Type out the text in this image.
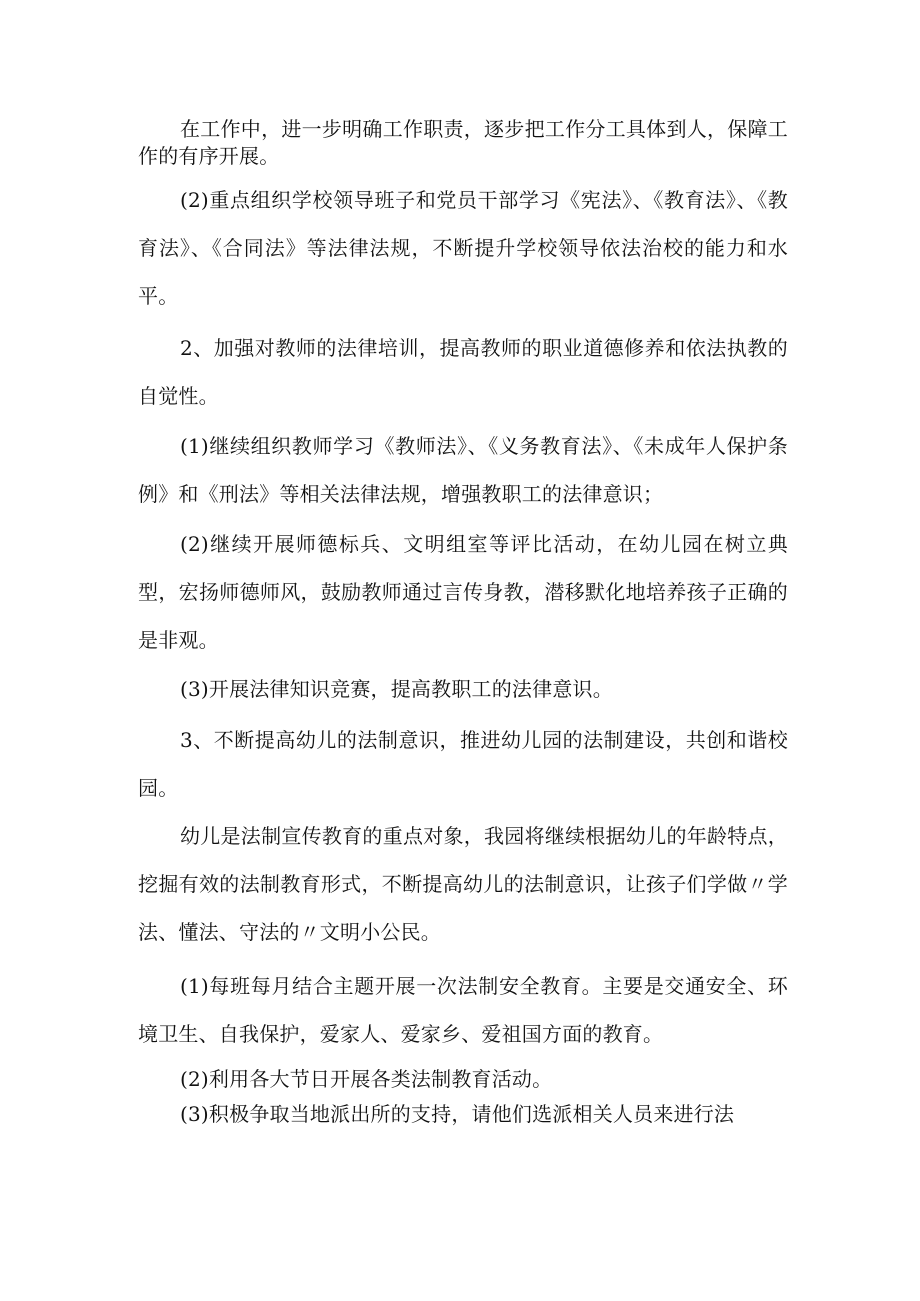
在工作中，进一步明确工作职责，逐步把工作分工具体到人，保障工作的有序开展。

(2)重点组织学校领导班子和党员干部学习《宪法》、《教育法》、《教育法》、《合同法》等法律法规，不断提升学校领导依法治校的能力和水平。

2、加强对教师的法律培训，提高教师的职业道德修养和依法执教的自觉性。

(1)继续组织教师学习《教师法》、《义务教育法》、《未成年人保护条例》和《刑法》等相关法律法规，增强教职工的法律意识；

(2)继续开展师德标兵、文明组室等评比活动，在幼儿园在树立典型，宏扬师德师风，鼓励教师通过言传身教，潜移默化地培养孩子正确的是非观。

(3)开展法律知识竞赛，提高教职工的法律意识。

3、不断提高幼儿的法制意识，推进幼儿园的法制建设，共创和谐校园。

幼儿是法制宣传教育的重点对象，我园将继续根据幼儿的年龄特点，挖掘有效的法制教育形式，不断提高幼儿的法制意识，让孩子们学做〃学法、懂法、守法的〃文明小公民。

(1)每班每月结合主题开展一次法制安全教育。主要是交通安全、环境卫生、自我保护，爱家人、爱家乡、爱祖国方面的教育。

(2)利用各大节日开展各类法制教育活动。

(3)积极争取当地派出所的支持，请他们选派相关人员来进行法
